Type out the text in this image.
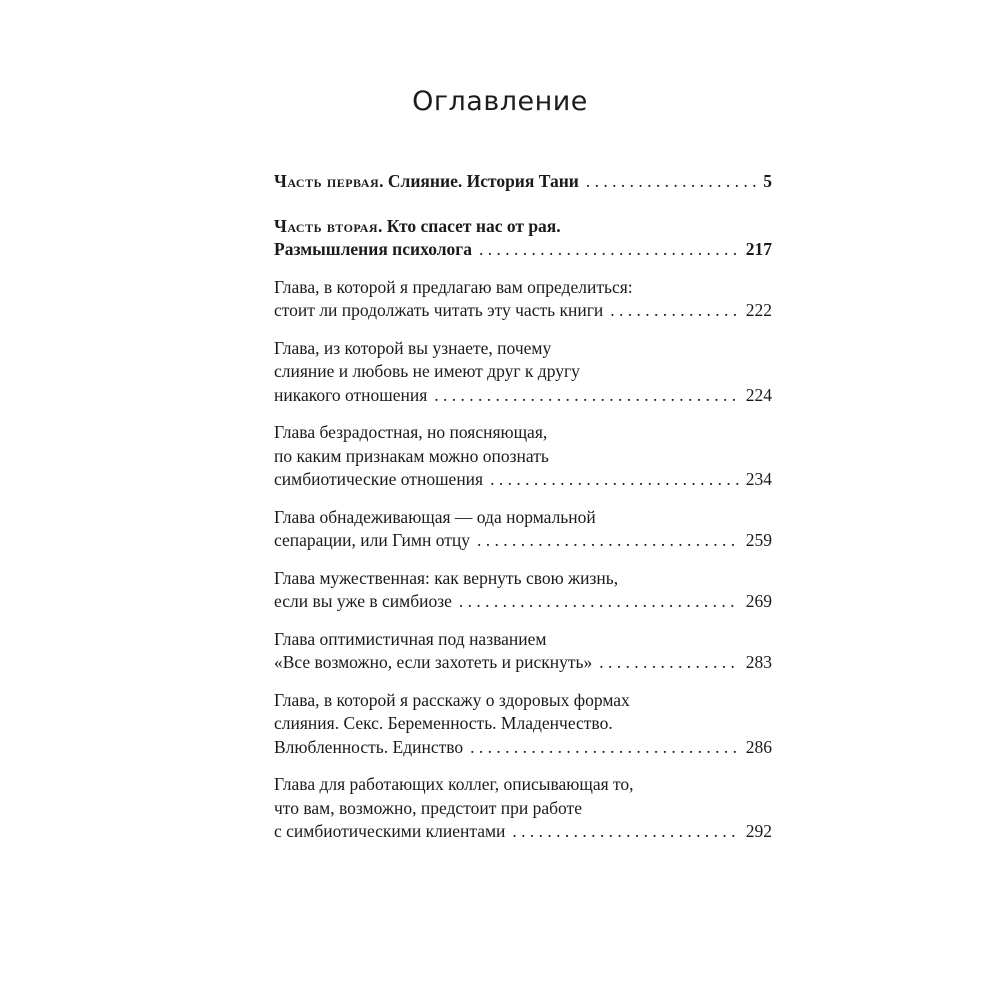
Оглавление
Часть первая. Слияние. История Тани . . .	5
Часть вторая. Кто спасет нас от рая.
Размышления психолога . . .	217
Глава, в которой я предлагаю вам определиться:
стоит ли продолжать читать эту часть книги . . .	222
Глава, из которой вы узнаете, почему
слияние и любовь не имеют друг к другу
никакого отношения . . .	224
Глава безрадостная, но поясняющая,
по каким признакам можно опознать
симбиотические отношения . . .	234
Глава обнадеживающая — ода нормальной
сепарации, или Гимн отцу . . .	259
Глава мужественная: как вернуть свою жизнь,
если вы уже в симбиозе . . .	269
Глава оптимистичная под названием
«Все возможно, если захотеть и рискнуть» . . .	283
Глава, в которой я расскажу о здоровых формах
слияния. Секс. Беременность. Младенчество.
Влюбленность. Единство . . .	286
Глава для работающих коллег, описывающая то,
что вам, возможно, предстоит при работе
с симбиотическими клиентами . . .	292
